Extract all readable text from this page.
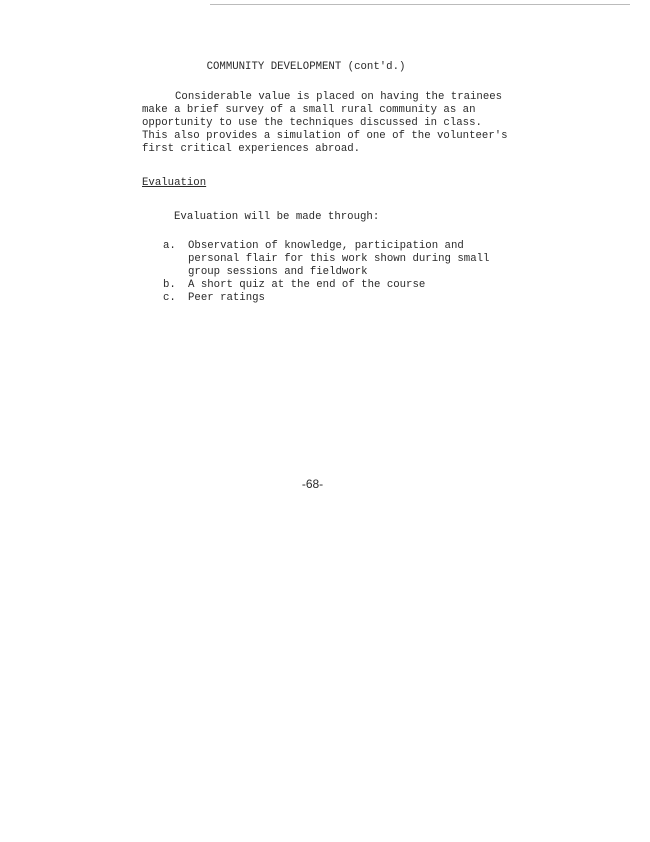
COMMUNITY DEVELOPMENT (cont'd.)
Considerable value is placed on having the trainees
make a brief survey of a small rural community as an
opportunity to use the techniques discussed in class.
This also provides a simulation of one of the volunteer's
first critical experiences abroad.
Evaluation
Evaluation will be made through:
a. Observation of knowledge, participation and
personal flair for this work shown during small
group sessions and fieldwork
b. A short quiz at the end of the course
c. Peer ratings
-68-
